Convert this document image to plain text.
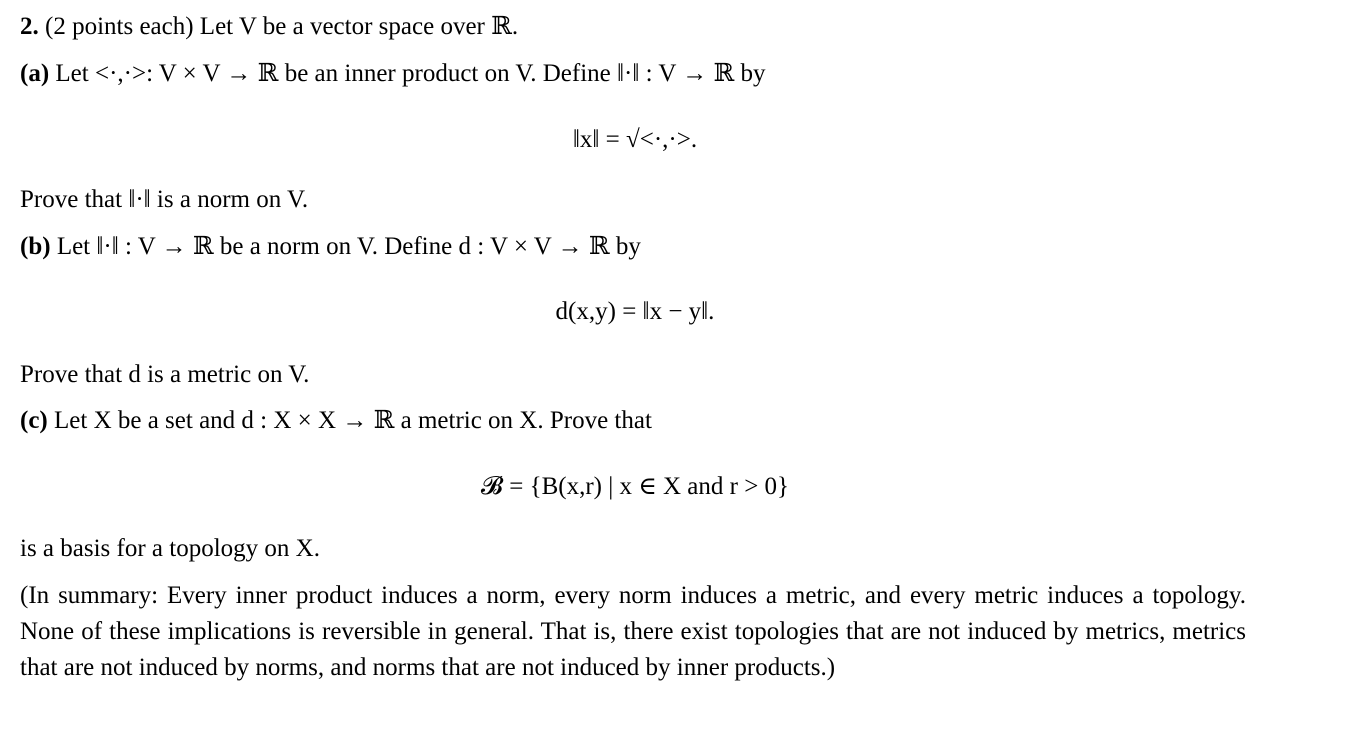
2. (2 points each) Let V be a vector space over ℝ.
(a) Let <·,·>: V × V → ℝ be an inner product on V. Define ‖·‖ : V → ℝ by
‖x‖ = √<·,·>.
Prove that ‖·‖ is a norm on V.
(b) Let ‖·‖ : V → ℝ be a norm on V. Define d : V × V → ℝ by
d(x,y) = ‖x − y‖.
Prove that d is a metric on V.
(c) Let X be a set and d : X × X → ℝ a metric on X. Prove that
𝓑 = {B(x,r) | x ∈ X and r > 0}
is a basis for a topology on X.
(In summary: Every inner product induces a norm, every norm induces a metric, and every metric induces a topology. None of these implications is reversible in general. That is, there exist topologies that are not induced by metrics, metrics that are not induced by norms, and norms that are not induced by inner products.)
